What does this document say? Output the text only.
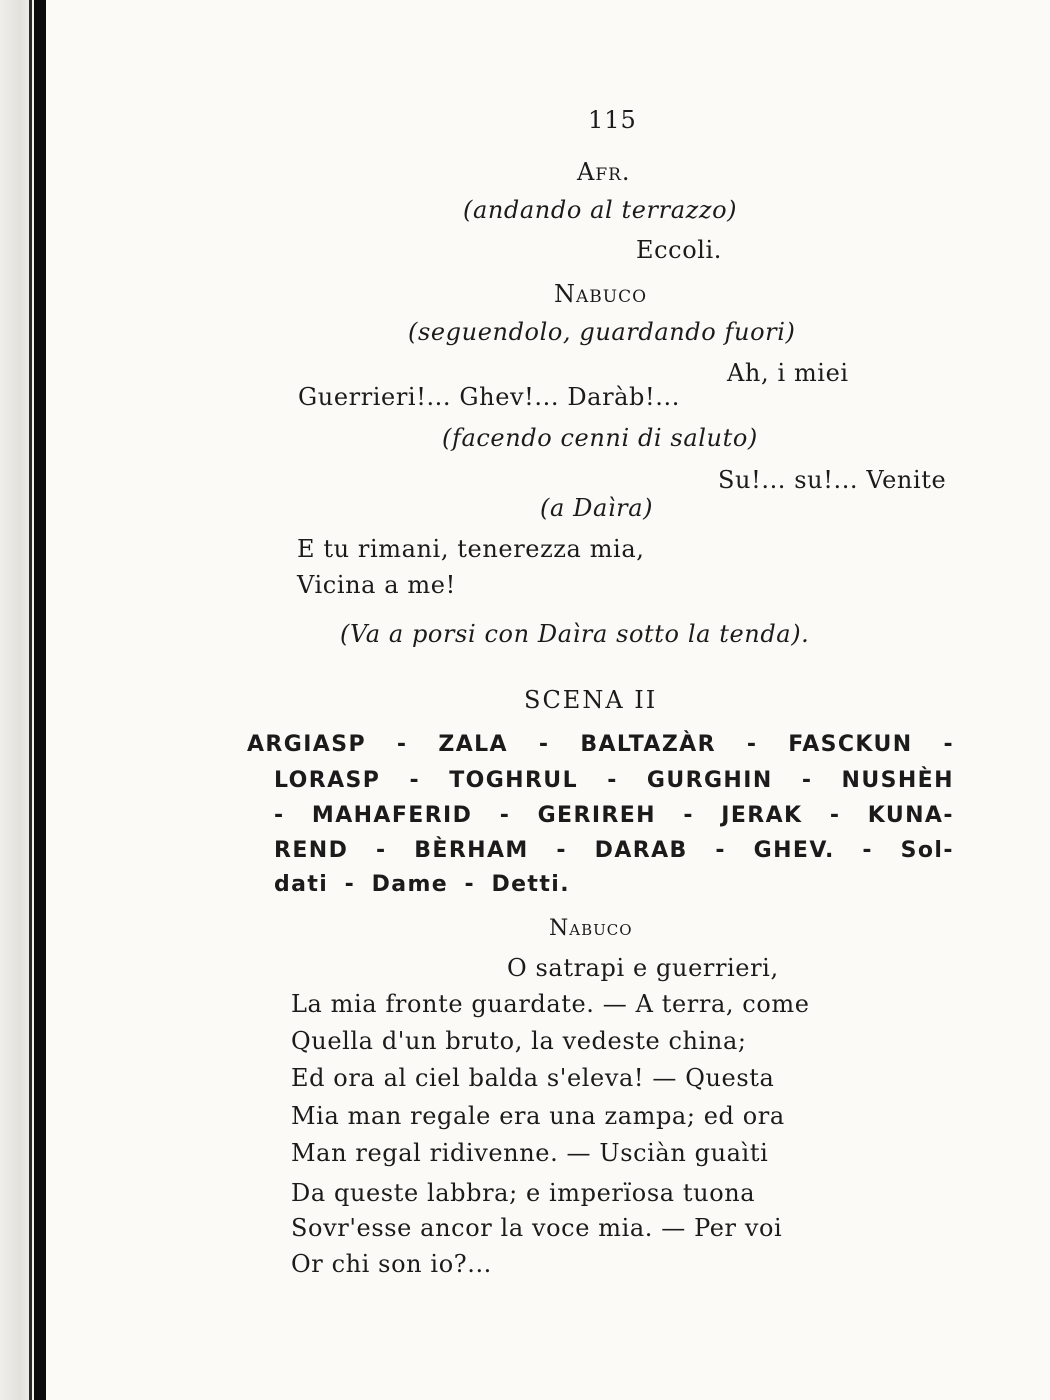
115
Afr.
(andando al terrazzo)
Eccoli.
Nabuco
(seguendolo, guardando fuori)
Ah, i miei
Guerrieri!... Ghev!... Daràb!...
(facendo cenni di saluto)
Su!... su!... Venite
(a Daìra)
E tu rimani, tenerezza mia,
Vicina a me!
(Va a porsi con Daìra sotto la tenda).
SCENA II
ARGIASP - ZALA - BALTAZÀR - FASCKUN -
LORASP - TOGHRUL - GURGHIN - NUSHÈH
- MAHAFERID - GERIREH - JERAK - KUNA-
REND - BÈRHAM - DARAB - GHEV. - Sol-
dati - Dame - Detti.
Nabuco
O satrapi e guerrieri,
La mia fronte guardate. — A terra, come
Quella d'un bruto, la vedeste china;
Ed ora al ciel balda s'eleva! — Questa
Mia man regale era una zampa; ed ora
Man regal ridivenne. — Usciàn guaìti
Da queste labbra; e imperïosa tuona
Sovr'esse ancor la voce mia. — Per voi
Or chi son io?...
